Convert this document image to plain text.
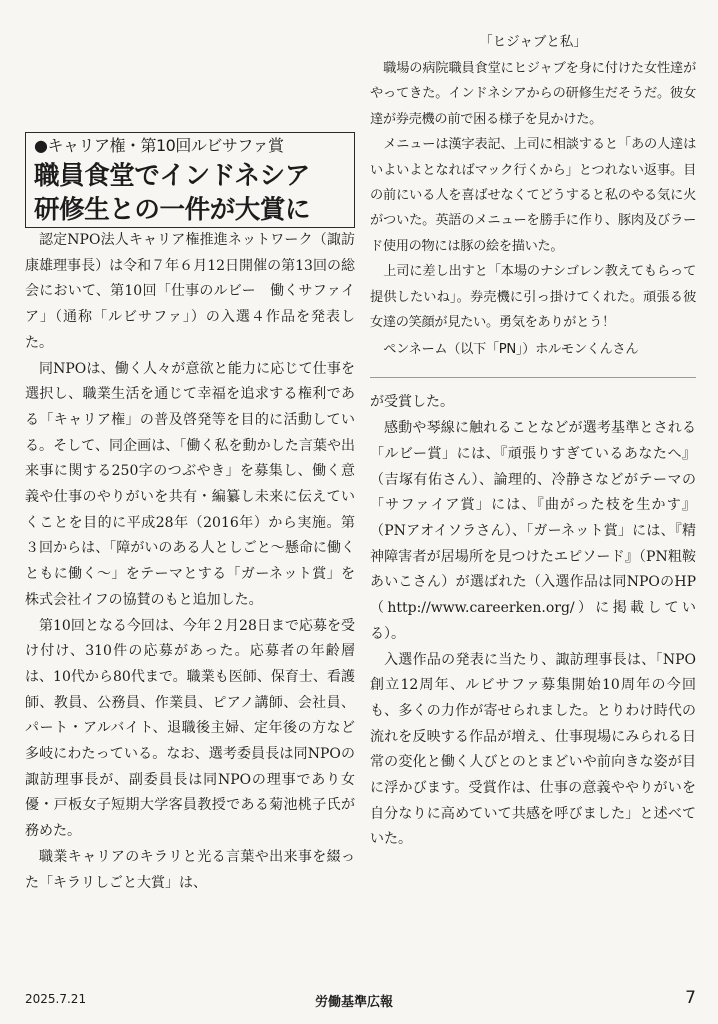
●キャリア権・第10回ルビサファ賞

職員食堂でインドネシア

研修生との一件が大賞に

認定NPO法人キャリア権推進ネットワーク（諏訪康雄理事長）は令和７年６月12日開催の第13回の総会において、第10回「仕事のルビー　働くサファイア」（通称「ルビサファ」）の入選４作品を発表した。

同NPOは、働く人々が意欲と能力に応じて仕事を選択し、職業生活を通じて幸福を追求する権利である「キャリア権」の普及啓発等を目的に活動している。そして、同企画は、「働く私を動かした言葉や出来事に関する250字のつぶやき」を募集し、働く意義や仕事のやりがいを共有・編纂し未来に伝えていくことを目的に平成28年（2016年）から実施。第３回からは、「障がいのある人としごと～懸命に働く　ともに働く～」をテーマとする「ガーネット賞」を株式会社イフの協賛のもと追加した。

第10回となる今回は、今年２月28日まで応募を受け付け、310件の応募があった。応募者の年齢層は、10代から80代まで。職業も医師、保育士、看護師、教員、公務員、作業員、ピアノ講師、会社員、パート・アルバイト、退職後主婦、定年後の方など多岐にわたっている。なお、選考委員長は同NPOの諏訪理事長が、副委員長は同NPOの理事であり女優・戸板女子短期大学客員教授である菊池桃子氏が務めた。

職業キャリアのキラリと光る言葉や出来事を綴った「キラリしごと大賞」は、

「ヒジャブと私」

職場の病院職員食堂にヒジャブを身に付けた女性達がやってきた。インドネシアからの研修生だそうだ。彼女達が券売機の前で困る様子を見かけた。

メニューは漢字表記、上司に相談すると「あの人達はいよいよとなればマック行くから」とつれない返事。目の前にいる人を喜ばせなくてどうすると私のやる気に火がついた。英語のメニューを勝手に作り、豚肉及びラード使用の物には豚の絵を描いた。

上司に差し出すと「本場のナシゴレン教えてもらって提供したいね」。券売機に引っ掛けてくれた。頑張る彼女達の笑顔が見たい。勇気をありがとう！

ペンネーム（以下「PN」）ホルモンくんさん

が受賞した。

感動や琴線に触れることなどが選考基準とされる「ルビー賞」には、『頑張りすぎているあなたへ』（吉塚有佑さん）、論理的、冷静さなどがテーマの「サファイア賞」には、『曲がった枝を生かす』（PNアオイソラさん）、「ガーネット賞」には、『精神障害者が居場所を見つけたエピソード』（PN粗鞍あいこさん）が選ばれた（入選作品は同NPOのHP（http://www.careerken.org/）に掲載している）。

入選作品の発表に当たり、諏訪理事長は、「NPO創立12周年、ルビサファ募集開始10周年の今回も、多くの力作が寄せられました。とりわけ時代の流れを反映する作品が増え、仕事現場にみられる日常の変化と働く人びとのとまどいや前向きな姿が目に浮かびます。受賞作は、仕事の意義ややりがいを自分なりに高めていて共感を呼びました」と述べていた。

2025.7.21	労働基準広報	7
